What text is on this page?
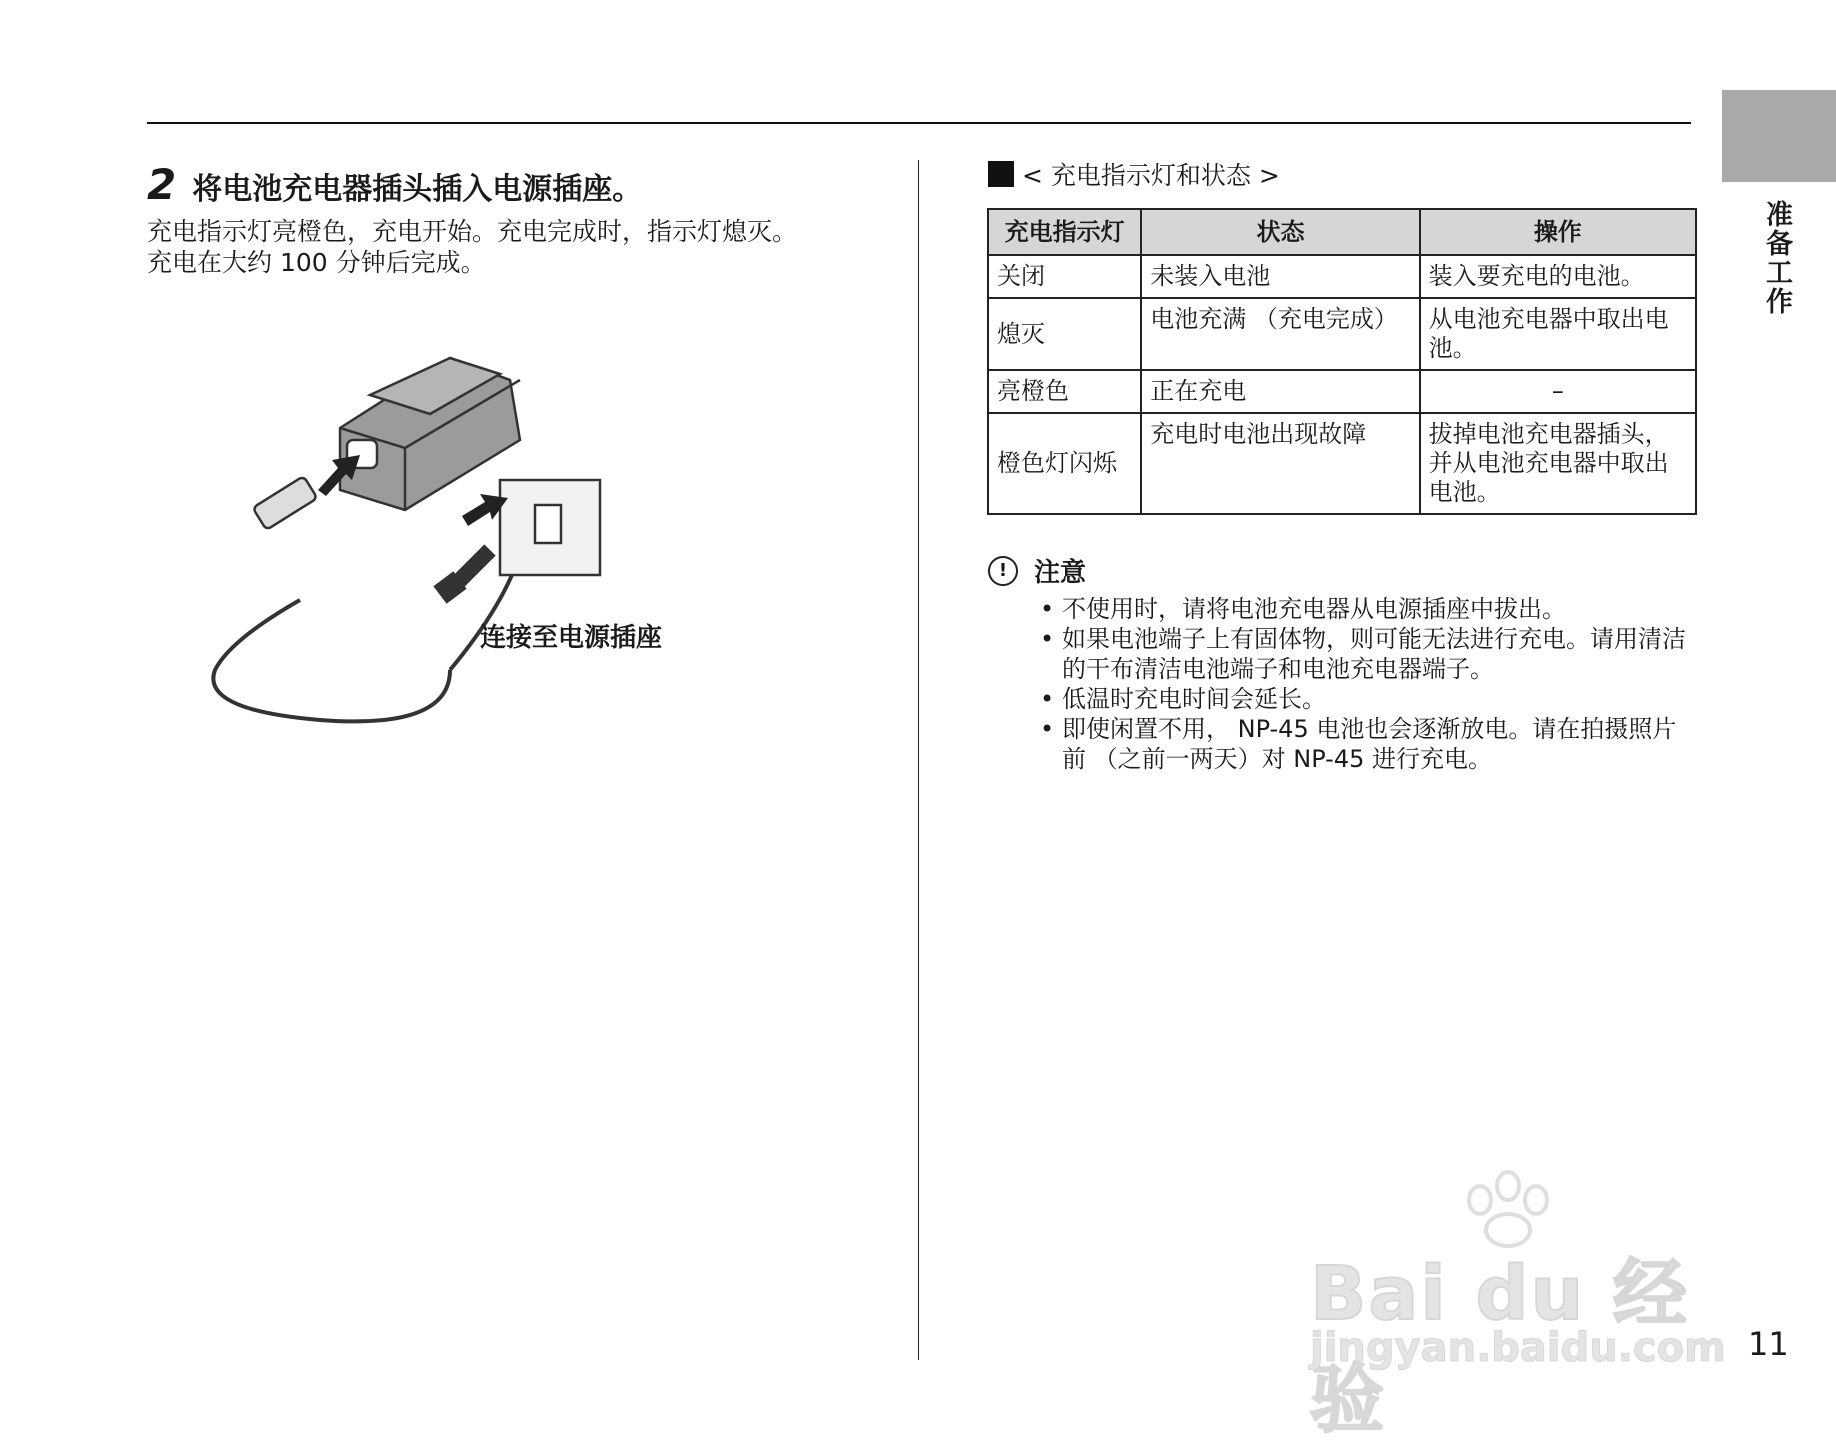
准备工作
2 将电池充电器插头插入电源插座。

充电指示灯亮橙色，充电开始。充电完成时，指示灯熄灭。

充电在大约 100 分钟后完成。

连接至电源插座
< 充电指示灯和状态 >
充电指示灯	状态	操作
关闭	未装入电池	装入要充电的电池。
熄灭	电池充满 （充电完成）	从电池充电器中取出电池。
亮橙色	正在充电	–
橙色灯闪烁	充电时电池出现故障	拔掉电池充电器插头，并从电池充电器中取出电池。
!	注意
• 不使用时，请将电池充电器从电源插座中拔出。
• 如果电池端子上有固体物，则可能无法进行充电。请用清洁的干布清洁电池端子和电池充电器端子。
• 低温时充电时间会延长。
• 即使闲置不用， NP-45 电池也会逐渐放电。请在拍摄照片前 （之前一两天）对 NP-45 进行充电。
Bai du 经验
jingyan.baidu.com 11
